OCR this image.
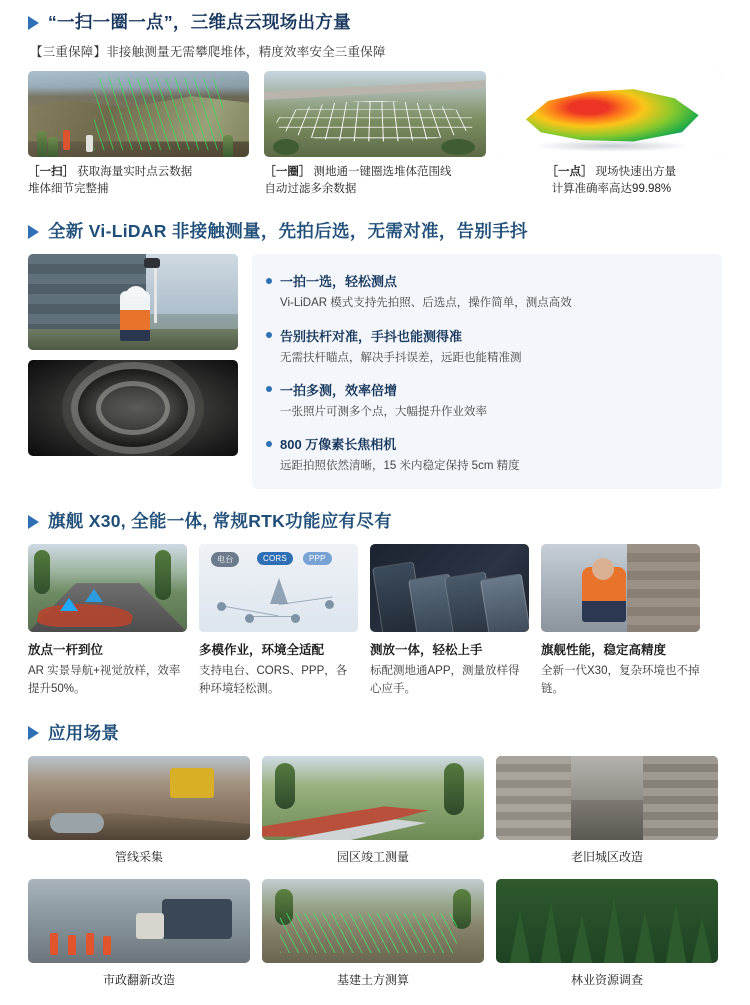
“一扫一圈一点”，三维点云现场出方量
【三重保障】非接触测量无需攀爬堆体，精度效率安全三重保障
［一扫］ 获取海量实时点云数据
堆体细节完整捕
［一圈］ 测地通一键圈选堆体范围线
自动过滤多余数据
［一点］ 现场快速出方量
计算准确率高达99.98%
全新 Vi-LiDAR 非接触测量，先拍后选，无需对准，告别手抖
一拍一选，轻松测点
Vi-LiDAR 模式支持先拍照、后选点，操作简单，测点高效
告别扶杆对准，手抖也能测得准
无需扶杆瞄点，解决手抖误差，远距也能精准测
一拍多测，效率倍增
一张照片可测多个点，大幅提升作业效率
800 万像素长焦相机
远距拍照依然清晰，15 米内稳定保持 5cm 精度
旗舰 X30, 全能一体, 常规RTK功能应有尽有
放点一杆到位
AR 实景导航+视觉放样，效率提升50%。
电台	CORS	PPP
多模作业，环境全适配
支持电台、CORS、PPP，各种环境轻松测。
测放一体，轻松上手
标配测地通APP，测量放样得心应手。
旗舰性能，稳定高精度
全新一代X30，复杂环境也不掉链。
应用场景
管线采集	园区竣工测量	老旧城区改造
市政翻新改造	基建土方测算	林业资源调查
